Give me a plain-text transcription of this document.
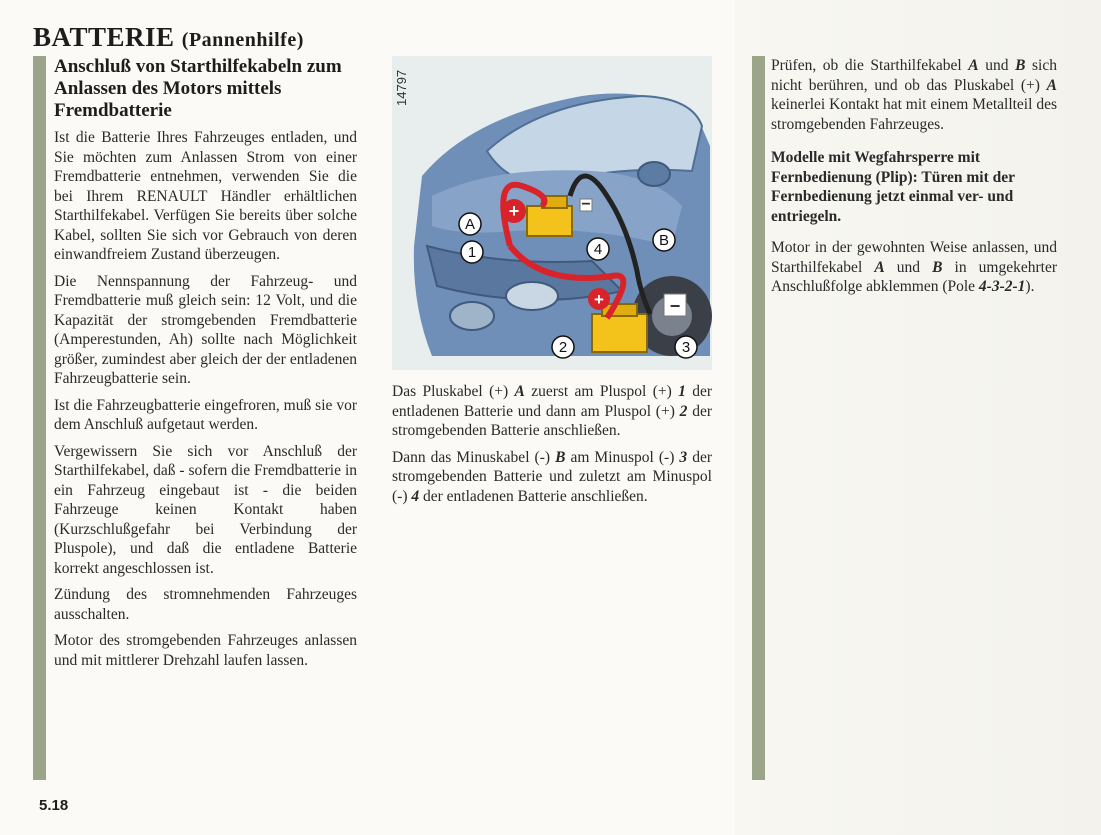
BATTERIE (Pannenhilfe)

Anschluß von Starthilfekabeln zum Anlassen des Motors mittels Fremdbatterie

Ist die Batterie Ihres Fahrzeuges entladen, und Sie möchten zum Anlassen Strom von einer Fremdbatterie entnehmen, verwenden Sie die bei Ihrem RENAULT Händler erhältlichen Starthilfekabel. Verfügen Sie bereits über solche Kabel, sollten Sie sich vor Gebrauch von deren einwandfreiem Zustand überzeugen.

Die Nennspannung der Fahrzeug- und Fremdbatterie muß gleich sein: 12 Volt, und die Kapazität der stromgebenden Fremdbatterie (Amperestunden, Ah) sollte nach Möglichkeit größer, zumindest aber gleich der der entladenen Fahrzeugbatterie sein.

Ist die Fahrzeugbatterie eingefroren, muß sie vor dem Anschluß aufgetaut werden.

Vergewissern Sie sich vor Anschluß der Starthilfekabel, daß - sofern die Fremdbatterie in ein Fahrzeug eingebaut ist - die beiden Fahrzeuge keinen Kontakt haben (Kurzschlußgefahr bei Verbindung der Pluspole), und daß die entladene Batterie korrekt angeschlossen ist.

Zündung des stromnehmenden Fahrzeuges ausschalten.

Motor des stromgebenden Fahrzeuges anlassen und mit mittlerer Drehzahl laufen lassen.

+
+
−
−
A
B
1
2	3
4
14797

Das Pluskabel (+) A zuerst am Pluspol (+) 1 der entladenen Batterie und dann am Pluspol (+) 2 der stromgebenden Batterie anschließen.

Dann das Minuskabel (-) B am Minuspol (-) 3 der stromgebenden Batterie und zuletzt am Minuspol (-) 4 der entladenen Batterie anschließen.

Prüfen, ob die Starthilfekabel A und B sich nicht berühren, und ob das Pluskabel (+) A keinerlei Kontakt hat mit einem Metallteil des stromgebenden Fahrzeuges.

Modelle mit Wegfahrsperre mit Fernbedienung (Plip): Türen mit der Fernbedienung jetzt einmal ver- und entriegeln.

Motor in der gewohnten Weise anlassen, und Starthilfekabel A und B in umgekehrter Anschlußfolge abklemmen (Pole 4-3-2-1).

5.18
